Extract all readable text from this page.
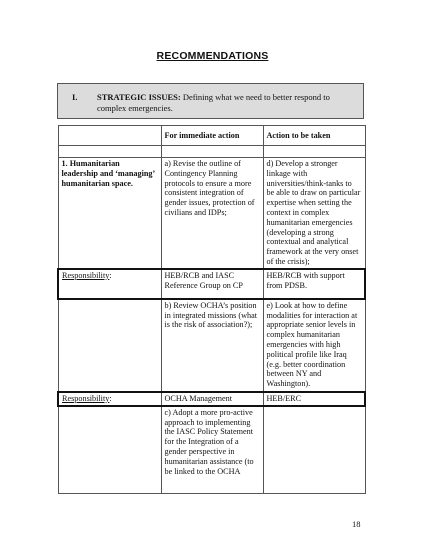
RECOMMENDATIONS
I. STRATEGIC ISSUES: Defining what we need to better respond to complex emergencies.
	For immediate action	Action to be taken

1. Humanitarian leadership and ‘managing’ humanitarian space.	a) Revise the outline of Contingency Planning protocols to ensure a more consistent integration of gender issues, protection of civilians and IDPs;	d) Develop a stronger linkage with universities/think-tanks to be able to draw on particular expertise when setting the context in complex humanitarian emergencies (developing a strong contextual and analytical framework at the very onset of the crisis);
Responsibility:	HEB/RCB and IASC Reference Group on CP	HEB/RCB with support from PDSB.
	b) Review OCHA’s position in integrated missions (what is the risk of association?);	e) Look at how to define modalities for interaction at appropriate senior levels in complex humanitarian emergencies with high political profile like Iraq (e.g. better coordination between NY and Washington).
Responsibility:	OCHA Management	HEB/ERC
	c) Adopt a more pro-active approach to implementing the IASC Policy Statement for the Integration of a gender perspective in humanitarian assistance (to be linked to the OCHA	
18
